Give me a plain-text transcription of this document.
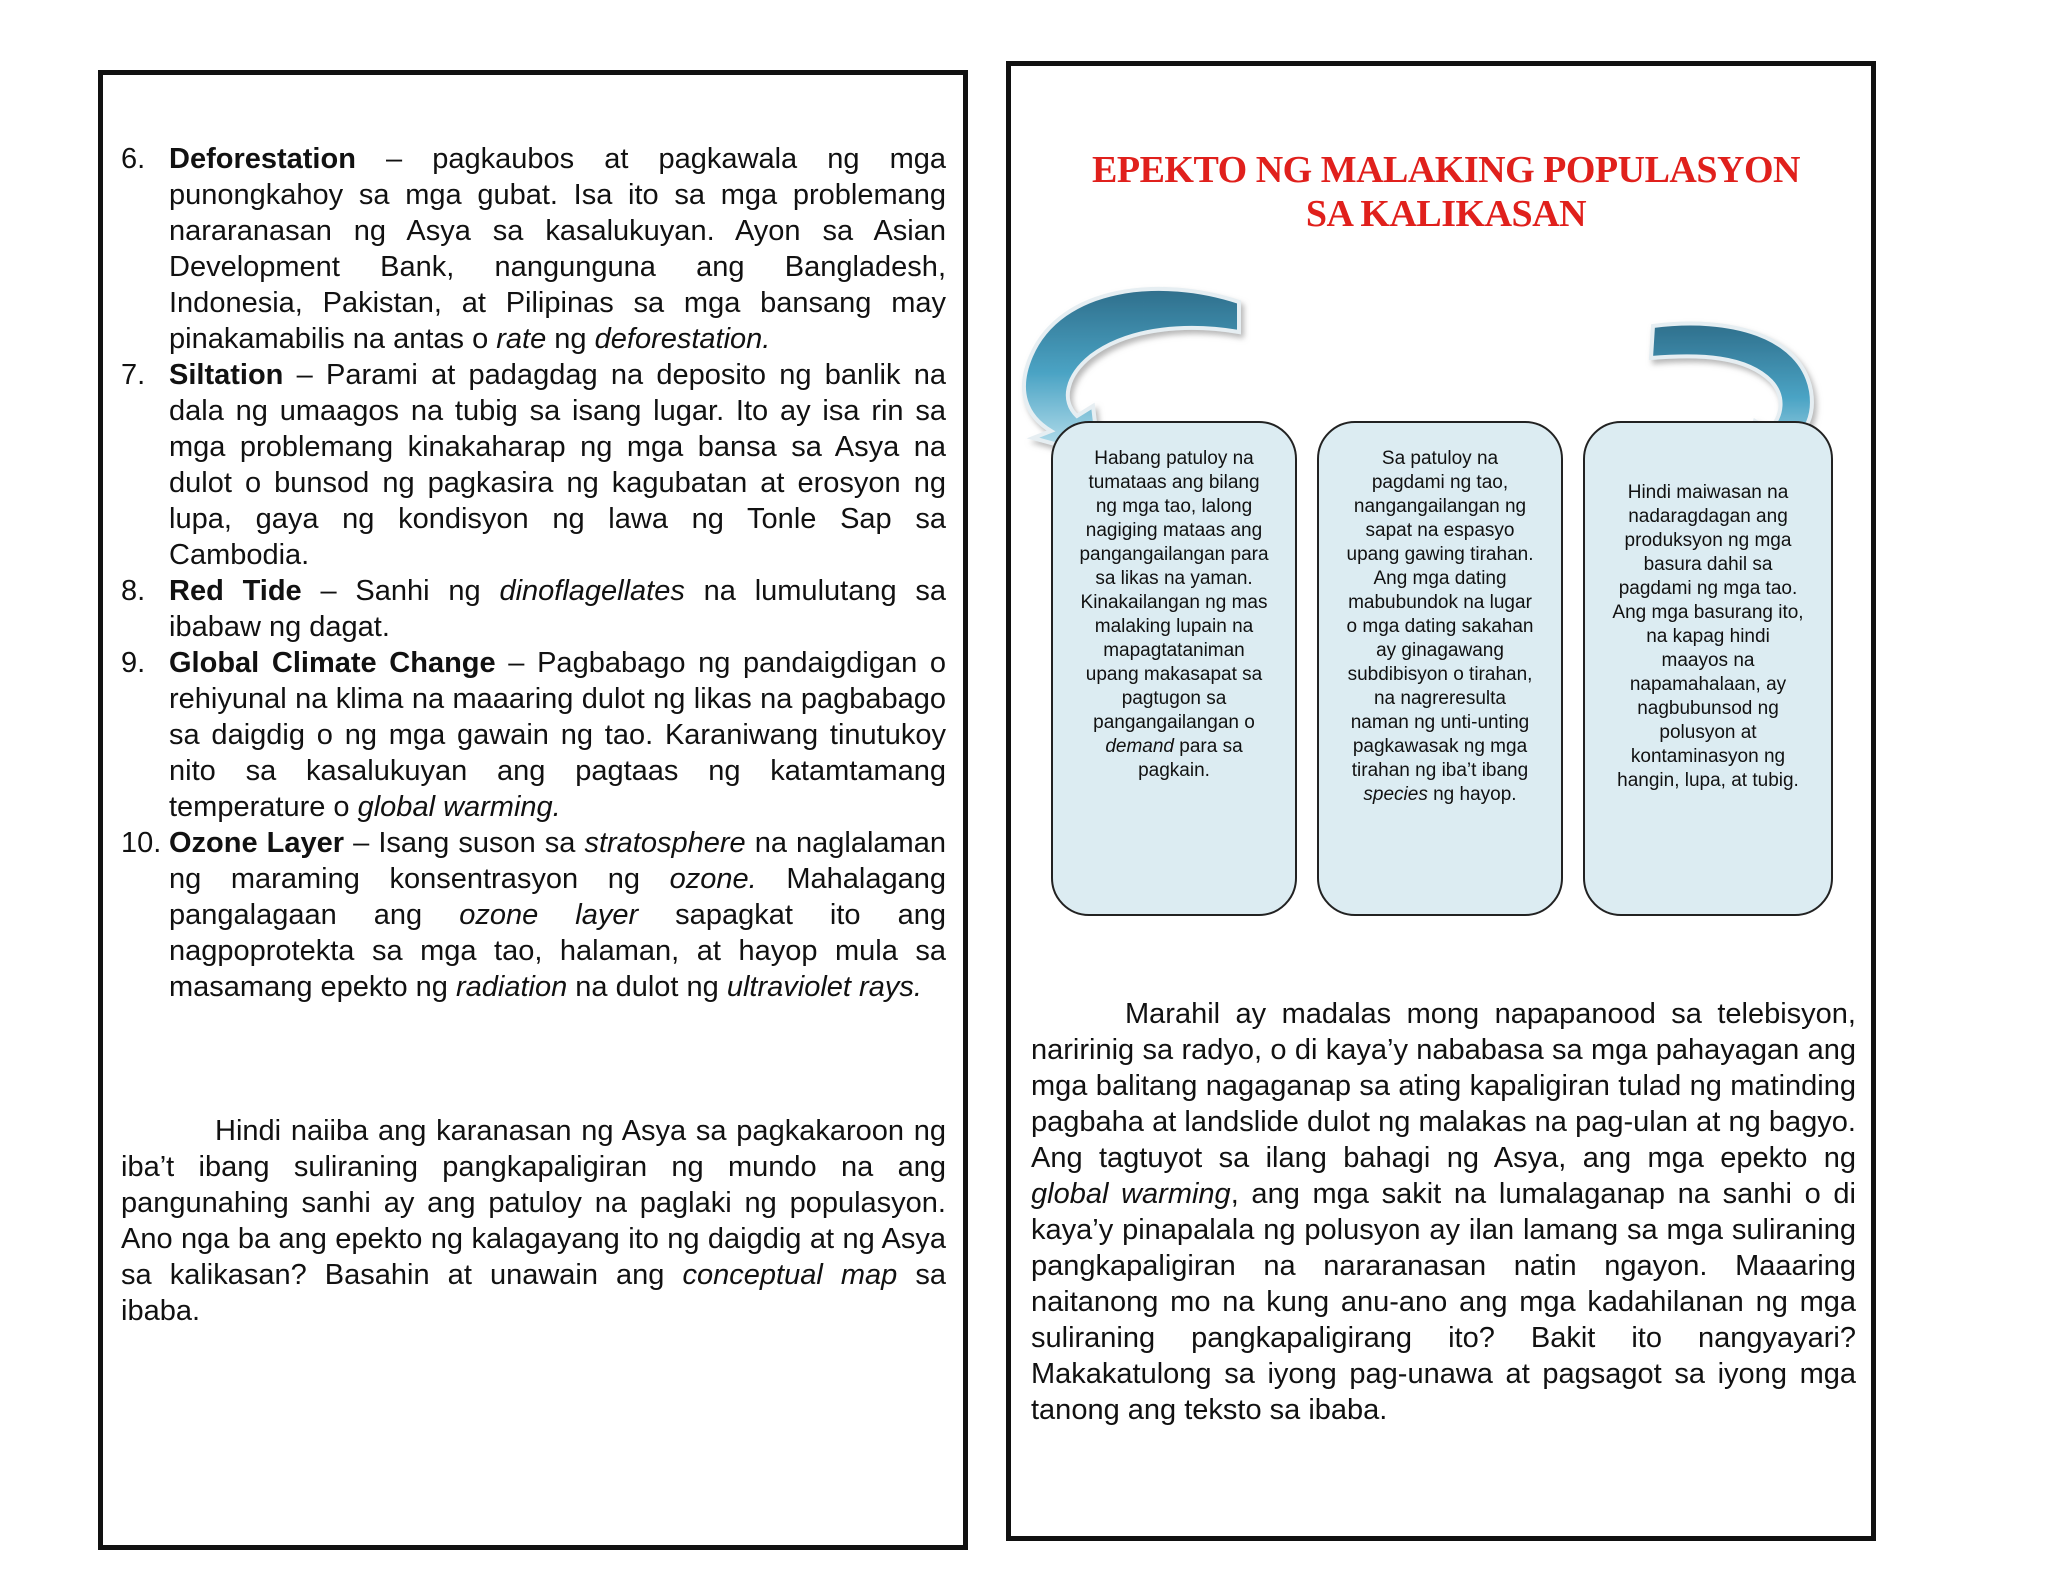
6. Deforestation – pagkaubos at pagkawala ng mga punongkahoy sa mga gubat. Isa ito sa mga problemang nararanasan ng Asya sa kasalukuyan. Ayon sa Asian Development Bank, nangunguna ang Bangladesh, Indonesia, Pakistan, at Pilipinas sa mga bansang may pinakamabilis na antas o rate ng deforestation.
7. Siltation – Parami at padagdag na deposito ng banlik na dala ng umaagos na tubig sa isang lugar. Ito ay isa rin sa mga problemang kinakaharap ng mga bansa sa Asya na dulot o bunsod ng pagkasira ng kagubatan at erosyon ng lupa, gaya ng kondisyon ng lawa ng Tonle Sap sa Cambodia.
8. Red Tide – Sanhi ng dinoflagellates na lumulutang sa ibabaw ng dagat.
9. Global Climate Change – Pagbabago ng pandaigdigan o rehiyunal na klima na maaaring dulot ng likas na pagbabago sa daigdig o ng mga gawain ng tao. Karaniwang tinutukoy nito sa kasalukuyan ang pagtaas ng katamtamang temperature o global warming.
10. Ozone Layer – Isang suson sa stratosphere na naglalaman ng maraming konsentrasyon ng ozone. Mahalagang pangalagaan ang ozone layer sapagkat ito ang nagpoprotekta sa mga tao, halaman, at hayop mula sa masamang epekto ng radiation na dulot ng ultraviolet rays.

Hindi naiiba ang karanasan ng Asya sa pagkakaroon ng iba’t ibang suliraning pangkapaligiran ng mundo na ang pangunahing sanhi ay ang patuloy na paglaki ng populasyon. Ano nga ba ang epekto ng kalagayang ito ng daigdig at ng Asya sa kalikasan? Basahin at unawain ang conceptual map sa ibaba.

EPEKTO NG MALAKING POPULASYON
SA KALIKASAN
Habang patuloy na tumataas ang bilang ng mga tao, lalong nagiging mataas ang pangangailangan para sa likas na yaman. Kinakailangan ng mas malaking lupain na mapagtataniman upang makasapat sa pagtugon sa pangangailangan o demand para sa pagkain.
Sa patuloy na pagdami ng tao, nangangailangan ng sapat na espasyo upang gawing tirahan. Ang mga dating mabubundok na lugar o mga dating sakahan ay ginagawang subdibisyon o tirahan, na nagreresulta naman ng unti-unting pagkawasak ng mga tirahan ng iba’t ibang species ng hayop.
Hindi maiwasan na nadaragdagan ang produksyon ng mga basura dahil sa pagdami ng mga tao. Ang mga basurang ito, na kapag hindi maayos na napamahalaan, ay nagbubunsod ng polusyon at kontaminasyon ng hangin, lupa, at tubig.

Marahil ay madalas mong napapanood sa telebisyon, naririnig sa radyo, o di kaya’y nababasa sa mga pahayagan ang mga balitang nagaganap sa ating kapaligiran tulad ng matinding pagbaha at landslide dulot ng malakas na pag-ulan at ng bagyo. Ang tagtuyot sa ilang bahagi ng Asya, ang mga epekto ng global warming, ang mga sakit na lumalaganap na sanhi o di kaya’y pinapalala ng polusyon ay ilan lamang sa mga suliraning pangkapaligiran na nararanasan natin ngayon. Maaaring naitanong mo na kung anu-ano ang mga kadahilanan ng mga suliraning pangkapaligirang ito? Bakit ito nangyayari? Makakatulong sa iyong pag-unawa at pagsagot sa iyong mga tanong ang teksto sa ibaba.
